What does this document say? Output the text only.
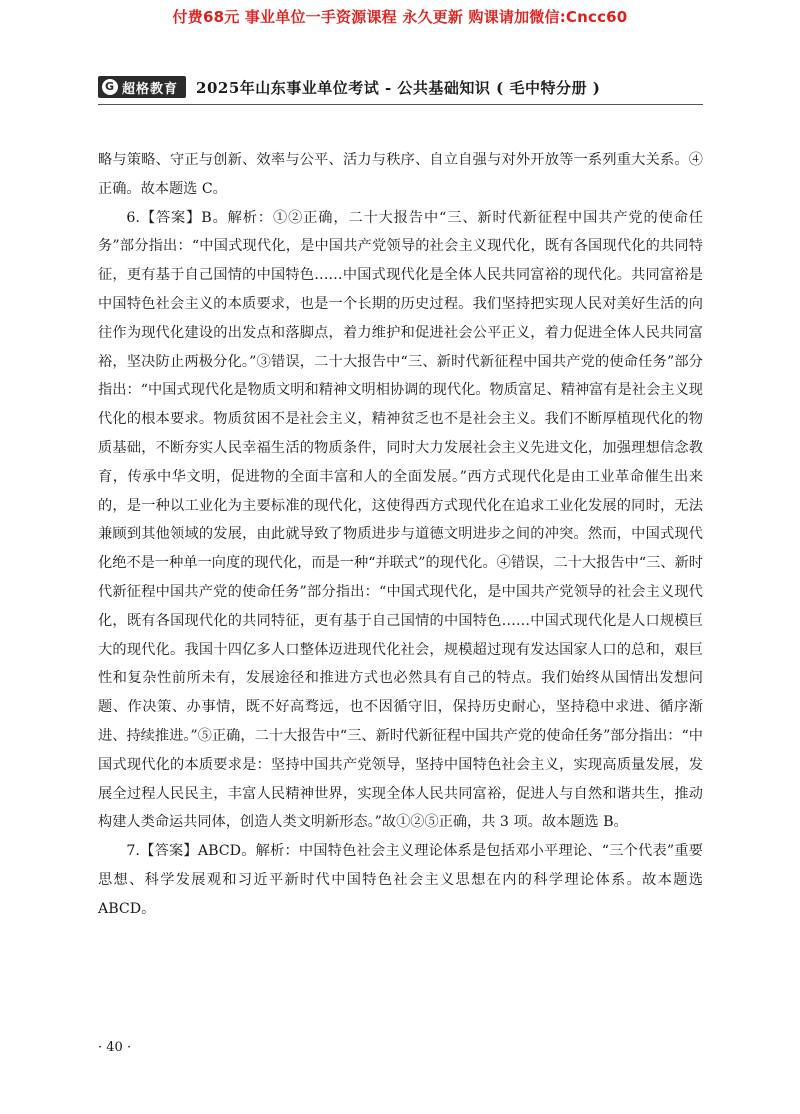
付费68元 事业单位一手资源课程 永久更新 购课请加微信:Cncc60
G 超格教育 2025年山东事业单位考试 - 公共基础知识 ( 毛中特分册 )

略与策略、守正与创新、效率与公平、活力与秩序、自立自强与对外开放等一系列重大关系。④正确。故本题选 C。

6.【答案】B。解析：①②正确，二十大报告中“三、新时代新征程中国共产党的使命任务”部分指出：“中国式现代化，是中国共产党领导的社会主义现代化，既有各国现代化的共同特征，更有基于自己国情的中国特色……中国式现代化是全体人民共同富裕的现代化。共同富裕是中国特色社会主义的本质要求，也是一个长期的历史过程。我们坚持把实现人民对美好生活的向往作为现代化建设的出发点和落脚点，着力维护和促进社会公平正义，着力促进全体人民共同富裕，坚决防止两极分化。”③错误，二十大报告中“三、新时代新征程中国共产党的使命任务”部分指出：“中国式现代化是物质文明和精神文明相协调的现代化。物质富足、精神富有是社会主义现代化的根本要求。物质贫困不是社会主义，精神贫乏也不是社会主义。我们不断厚植现代化的物质基础，不断夯实人民幸福生活的物质条件，同时大力发展社会主义先进文化，加强理想信念教育，传承中华文明，促进物的全面丰富和人的全面发展。”西方式现代化是由工业革命催生出来的，是一种以工业化为主要标准的现代化，这使得西方式现代化在追求工业化发展的同时，无法兼顾到其他领域的发展，由此就导致了物质进步与道德文明进步之间的冲突。然而，中国式现代化绝不是一种单一向度的现代化，而是一种“并联式”的现代化。④错误，二十大报告中“三、新时代新征程中国共产党的使命任务”部分指出：“中国式现代化，是中国共产党领导的社会主义现代化，既有各国现代化的共同特征，更有基于自己国情的中国特色……中国式现代化是人口规模巨大的现代化。我国十四亿多人口整体迈进现代化社会，规模超过现有发达国家人口的总和，艰巨性和复杂性前所未有，发展途径和推进方式也必然具有自己的特点。我们始终从国情出发想问题、作决策、办事情，既不好高骛远，也不因循守旧，保持历史耐心，坚持稳中求进、循序渐进、持续推进。”⑤正确，二十大报告中“三、新时代新征程中国共产党的使命任务”部分指出：“中国式现代化的本质要求是：坚持中国共产党领导，坚持中国特色社会主义，实现高质量发展，发展全过程人民民主，丰富人民精神世界，实现全体人民共同富裕，促进人与自然和谐共生，推动构建人类命运共同体，创造人类文明新形态。”故①②⑤正确，共 3 项。故本题选 B。

7.【答案】ABCD。解析：中国特色社会主义理论体系是包括邓小平理论、“三个代表”重要思想、科学发展观和习近平新时代中国特色社会主义思想在内的科学理论体系。故本题选 ABCD。

· 40 ·
